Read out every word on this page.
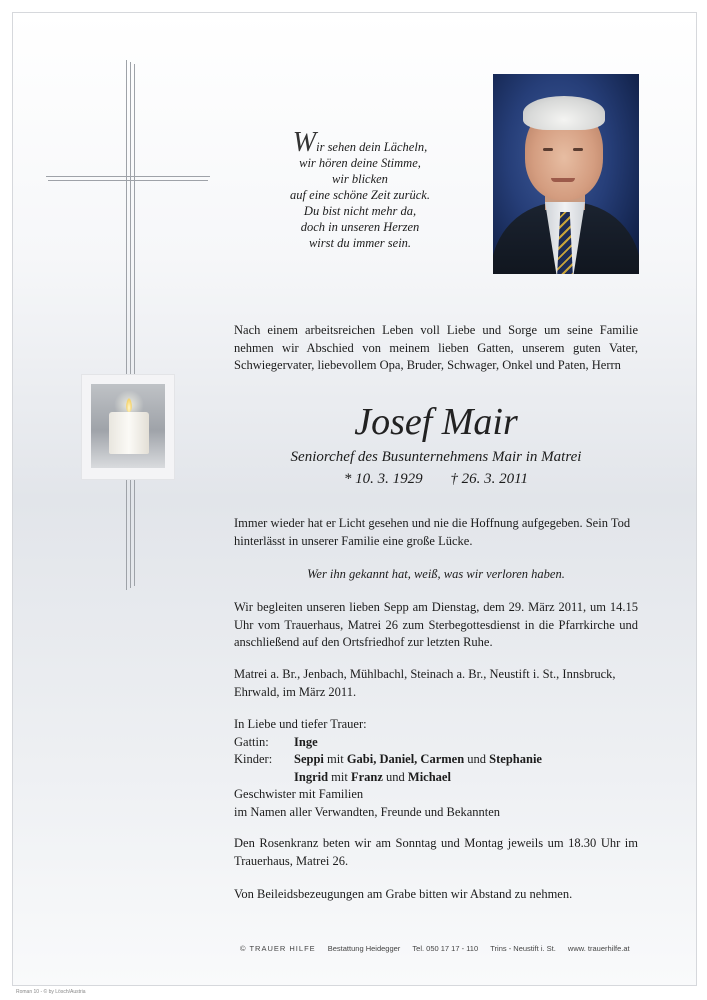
Wir sehen dein Lächeln,
wir hören deine Stimme,
wir blicken
auf eine schöne Zeit zurück.
Du bist nicht mehr da,
doch in unseren Herzen
wirst du immer sein.
Nach einem arbeitsreichen Leben voll Liebe und Sorge um seine Familie nehmen wir Abschied von meinem lieben Gatten, unserem guten Vater, Schwiegervater, liebevollem Opa, Bruder, Schwager, Onkel und Paten, Herrn
Josef Mair
Seniorchef des Busunternehmens Mair in Matrei
* 10. 3. 1929 † 26. 3. 2011
Immer wieder hat er Licht gesehen und nie die Hoffnung aufgegeben. Sein Tod hinterlässt in unserer Familie eine große Lücke.
Wer ihn gekannt hat, weiß, was wir verloren haben.
Wir begleiten unseren lieben Sepp am Dienstag, dem 29. März 2011, um 14.15 Uhr vom Trauerhaus, Matrei 26 zum Sterbegottesdienst in die Pfarrkirche und anschließend auf den Ortsfriedhof zur letzten Ruhe.
Matrei a. Br., Jenbach, Mühlbachl, Steinach a. Br., Neustift i. St., Innsbruck, Ehrwald, im März 2011.
In Liebe und tiefer Trauer:
Gattin:	Inge
Kinder:	Seppi mit Gabi, Daniel, Carmen und Stephanie
Ingrid mit Franz und Michael
Geschwister mit Familien
im Namen aller Verwandten, Freunde und Bekannten
Den Rosenkranz beten wir am Sonntag und Montag jeweils um 18.30 Uhr im Trauerhaus, Matrei 26.
Von Beileidsbezeugungen am Grabe bitten wir Abstand zu nehmen.
© TRAUER HILFE Bestattung Heidegger Tel. 050 17 17 - 110 Trins - Neustift i. St. www. trauerhilfe.at
Roman 10 - © by Lösch/Austria
